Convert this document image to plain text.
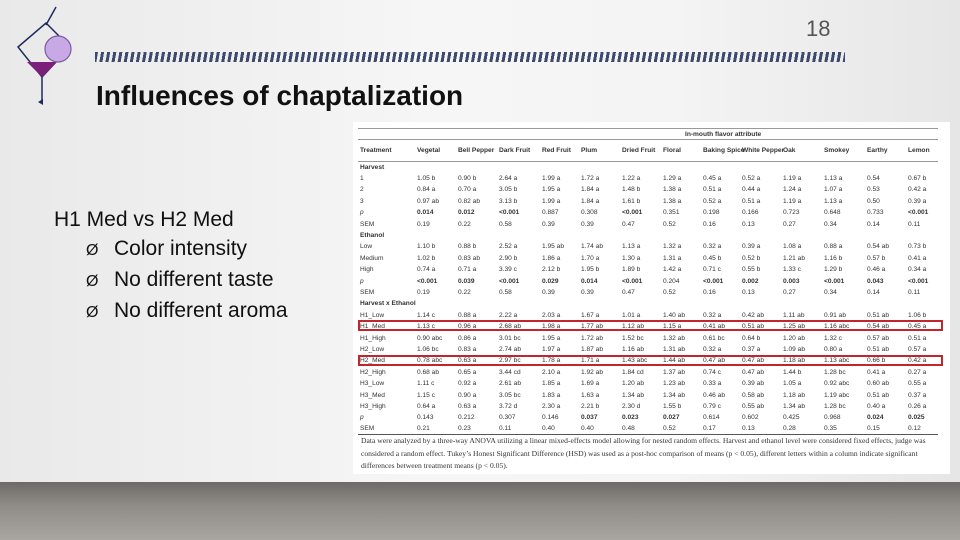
18
Influences of chaptalization
H1 Med vs H2 Med
Ø Color intensity
Ø No different taste
Ø No different aroma
	In-mouth flavor attribute												
Treatment	Vegetal	Bell Pepper	Dark Fruit	Red Fruit	Plum	Dried Fruit	Floral	Baking Spice	White Pepper	Oak	Smokey	Earthy	Lemon
Harvest													
1	1.05 b	0.90 b	2.64 a	1.99 a	1.72 a	1.22 a	1.29 a	0.45 a	0.52 a	1.19 a	1.13 a	0.54	0.67 b
2	0.84 a	0.70 a	3.05 b	1.95 a	1.84 a	1.48 b	1.38 a	0.51 a	0.44 a	1.24 a	1.07 a	0.53	0.42 a
3	0.97 ab	0.82 ab	3.13 b	1.99 a	1.84 a	1.61 b	1.38 a	0.52 a	0.51 a	1.19 a	1.13 a	0.50	0.39 a
p	0.014	0.012	<0.001	0.887	0.308	<0.001	0.351	0.198	0.166	0.723	0.648	0.733	<0.001
SEM	0.19	0.22	0.58	0.39	0.39	0.47	0.52	0.16	0.13	0.27	0.34	0.14	0.11
Ethanol													
Low	1.10 b	0.88 b	2.52 a	1.95 ab	1.74 ab	1.13 a	1.32 a	0.32 a	0.39 a	1.08 a	0.88 a	0.54 ab	0.73 b
Medium	1.02 b	0.83 ab	2.90 b	1.86 a	1.70 a	1.30 a	1.31 a	0.45 b	0.52 b	1.21 ab	1.16 b	0.57 b	0.41 a
High	0.74 a	0.71 a	3.39 c	2.12 b	1.95 b	1.89 b	1.42 a	0.71 c	0.55 b	1.33 c	1.29 b	0.46 a	0.34 a
p	<0.001	0.039	<0.001	0.029	0.014	<0.001	0.204	<0.001	0.002	0.003	<0.001	0.043	<0.001
SEM	0.19	0.22	0.58	0.39	0.39	0.47	0.52	0.16	0.13	0.27	0.34	0.14	0.11
Harvest x Ethanol													
H1_Low	1.14 c	0.88 a	2.22 a	2.03 a	1.67 a	1.01 a	1.40 ab	0.32 a	0.42 ab	1.11 ab	0.91 ab	0.51 ab	1.06 b
H1_Med	1.13 c	0.96 a	2.68 ab	1.98 a	1.77 ab	1.12 ab	1.15 a	0.41 ab	0.51 ab	1.25 ab	1.16 abc	0.54 ab	0.45 a
H1_High	0.90 abc	0.86 a	3.01 bc	1.95 a	1.72 ab	1.52 bc	1.32 ab	0.61 bc	0.64 b	1.20 ab	1.32 c	0.57 ab	0.51 a
H2_Low	1.06 bc	0.83 a	2.74 ab	1.97 a	1.87 ab	1.16 ab	1.31 ab	0.32 a	0.37 a	1.09 ab	0.80 a	0.51 ab	0.57 a
H2_Med	0.78 abc	0.63 a	2.97 bc	1.78 a	1.71 a	1.43 abc	1.44 ab	0.47 ab	0.47 ab	1.18 ab	1.13 abc	0.66 b	0.42 a
H2_High	0.68 ab	0.65 a	3.44 cd	2.10 a	1.92 ab	1.84 cd	1.37 ab	0.74 c	0.47 ab	1.44 b	1.28 bc	0.41 a	0.27 a
H3_Low	1.11 c	0.92 a	2.61 ab	1.85 a	1.69 a	1.20 ab	1.23 ab	0.33 a	0.39 ab	1.05 a	0.92 abc	0.60 ab	0.55 a
H3_Med	1.15 c	0.90 a	3.05 bc	1.83 a	1.63 a	1.34 ab	1.34 ab	0.46 ab	0.58 ab	1.18 ab	1.19 abc	0.51 ab	0.37 a
H3_High	0.64 a	0.63 a	3.72 d	2.30 a	2.21 b	2.30 d	1.55 b	0.79 c	0.55 ab	1.34 ab	1.28 bc	0.40 a	0.26 a
p	0.143	0.212	0.307	0.146	0.037	0.023	0.027	0.614	0.602	0.425	0.968	0.024	0.025
SEM	0.21	0.23	0.11	0.40	0.40	0.48	0.52	0.17	0.13	0.28	0.35	0.15	0.12
Data were analyzed by a three-way ANOVA utilizing a linear mixed-effects model allowing for nested random effects. Harvest and ethanol level were considered fixed effects, judge was considered a random effect. Tukey’s Honest Significant Difference (HSD) was used as a post-hoc comparison of means (p < 0.05), different letters within a column indicate significant differences between treatment means (p < 0.05).
